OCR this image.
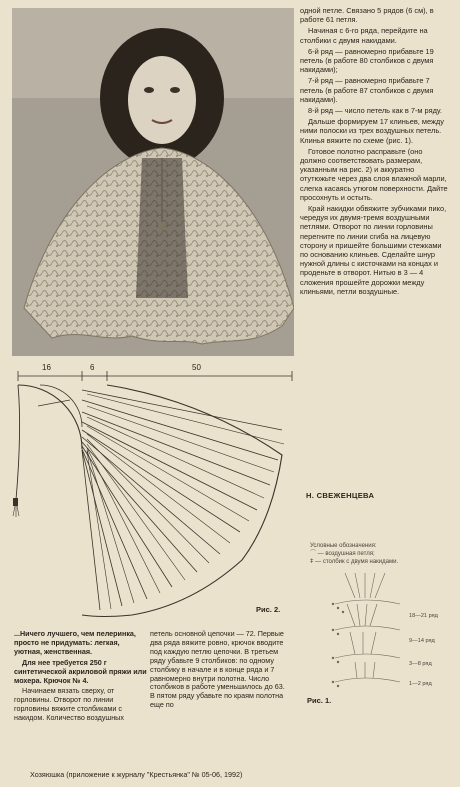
одной петле. Связано 5 рядов (6 см), в работе 61 петля.

Начиная с 6-го ряда, перейдите на столбики с двумя накидами.

6-й ряд — равномерно прибавьте 19 петель (в работе 80 столбиков с двумя накидами);

7-й ряд — равномерно прибавьте 7 петель (в работе 87 столбиков с двумя накидами).

8-й ряд — число петель как в 7-м ряду.

Дальше формируем 17 клиньев, между ними полоски из трех воздушных петель. Клинья вяжите по схеме (рис. 1).

Готовое полотно расправьте (оно должно соответствовать размерам, указанным на рис. 2) и аккуратно отутюжьте через два слоя влажной марли, слегка касаясь утюгом поверхности. Дайте просохнуть и остыть.

Край накидки обвяжите зубчиками пико, чередуя их двумя-тремя воздушными петлями. Отворот по линии горловины перегните по линии сгиба на лицевую сторону и пришейте большими стежками по основанию клиньев. Сделайте шнур нужной длины с кисточками на концах и проденьте в отворот. Нитью в 3 — 4 сложения прошейте дорожки между клиньями, петли воздушные.

Н. СВЕЖЕНЦЕВА
Условные обозначения:
⌒ — воздушная петля;
ǂ — столбик с двумя накидами.
16	6	50
Рис. 2.
18—21 ряд
9—14 ряд
3—8 ряд
1—2 ряд
Рис. 1.

...Ничего лучшего, чем пелеринка, просто не придумать: легкая, уютная, женственная.

Для нее требуется 250 г синтетической акриловой пряжи или мохера. Крючок № 4.

Начинаем вязать сверху, от горловины. Отворот по линии горловины вяжите столбиками с накидом. Количество воздушных

петель основной цепочки — 72. Первые два ряда вяжите ровно, крючок вводите под каждую петлю цепочки. В третьем ряду убавьте 9 столбиков: по одному столбику в начале и в конце ряда и 7 равномерно внутри полотна. Число столбиков в работе уменьшилось до 63. В пятом ряду убавьте по краям полотна еще по

Хозяюшка (приложение к журналу "Крестьянка" № 05-06, 1992)
